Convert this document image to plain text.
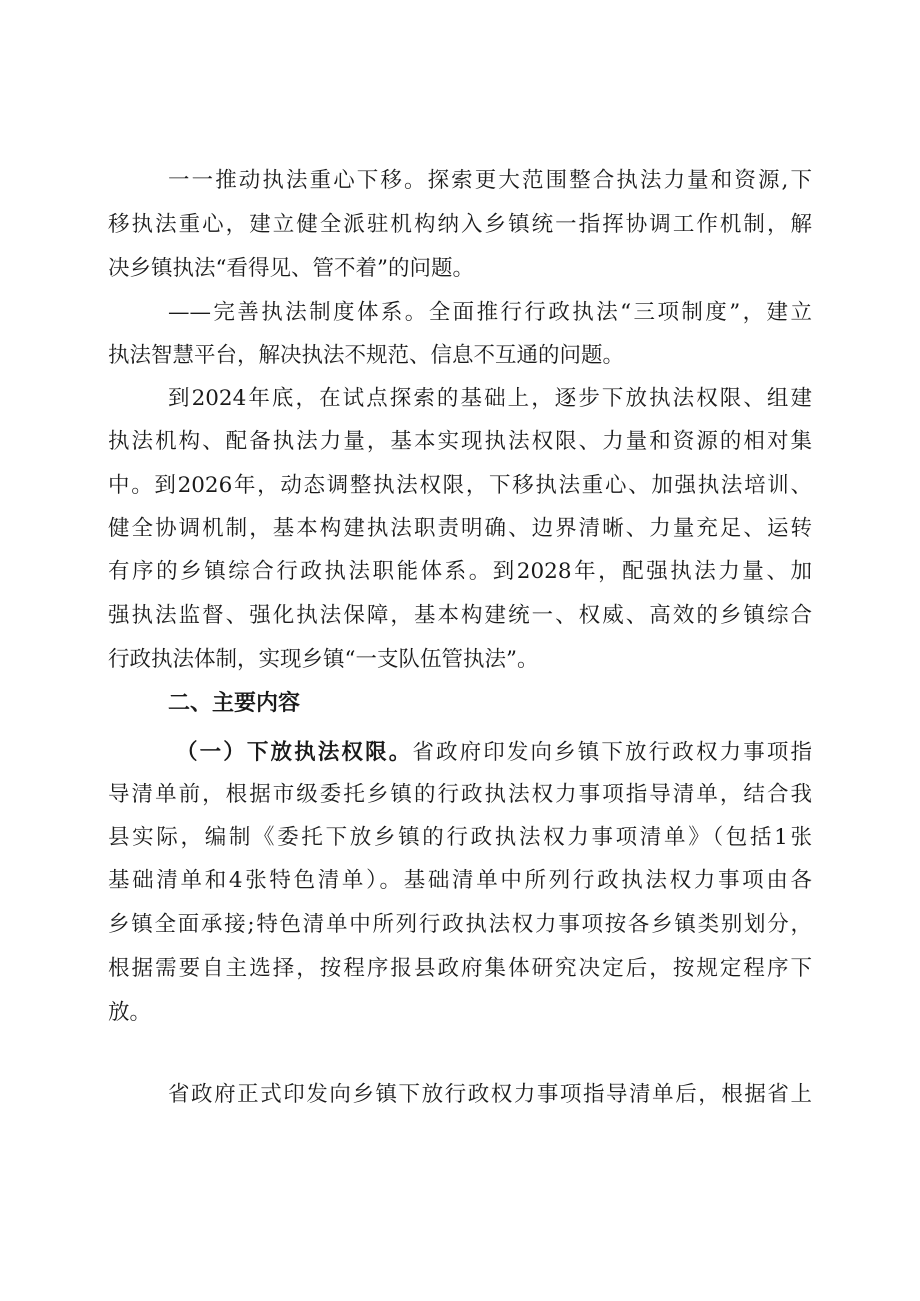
一一推动执法重心下移。探索更大范围整合执法力量和资源,下
移执法重心，建立健全派驻机构纳入乡镇统一指挥协调工作机制，解
决乡镇执法“看得见、管不着”的问题。
——完善执法制度体系。全面推行行政执法“三项制度”，建立
执法智慧平台，解决执法不规范、信息不互通的问题。
到2024年底，在试点探索的基础上，逐步下放执法权限、组建
执法机构、配备执法力量，基本实现执法权限、力量和资源的相对集
中。到2026年，动态调整执法权限，下移执法重心、加强执法培训、
健全协调机制，基本构建执法职责明确、边界清晰、力量充足、运转
有序的乡镇综合行政执法职能体系。到2028年，配强执法力量、加
强执法监督、强化执法保障，基本构建统一、权威、高效的乡镇综合
行政执法体制，实现乡镇“一支队伍管执法”。
二、主要内容
（一）下放执法权限。省政府印发向乡镇下放行政权力事项指
导清单前，根据市级委托乡镇的行政执法权力事项指导清单，结合我
县实际，编制《委托下放乡镇的行政执法权力事项清单》（包括1张
基础清单和4张特色清单）。基础清单中所列行政执法权力事项由各
乡镇全面承接;特色清单中所列行政执法权力事项按各乡镇类别划分，
根据需要自主选择，按程序报县政府集体研究决定后，按规定程序下
放。
省政府正式印发向乡镇下放行政权力事项指导清单后，根据省上
